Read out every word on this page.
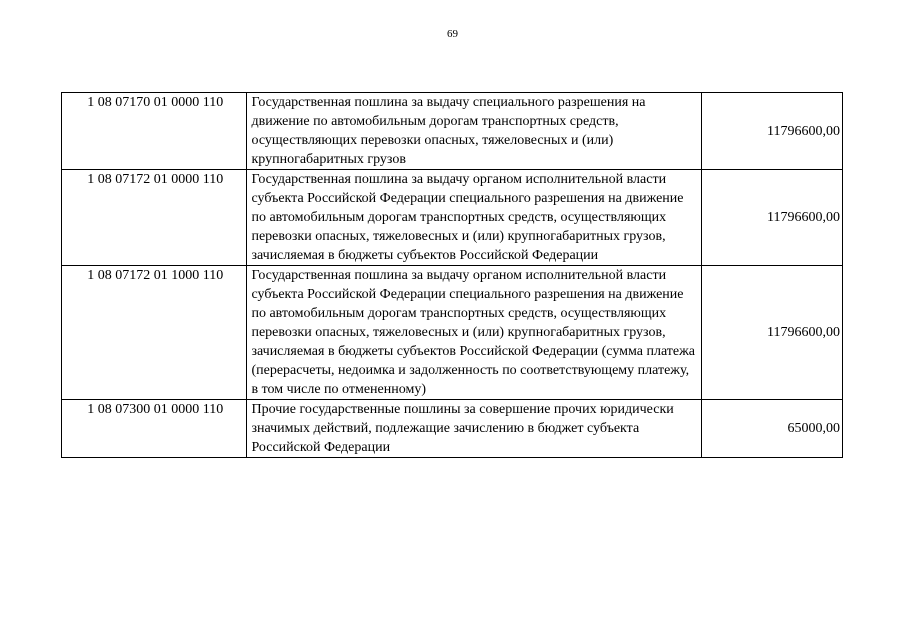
69
1 08 07170 01 0000 110	Государственная пошлина за выдачу специального разрешения на движение по автомобильным дорогам транспортных средств, осуществляющих перевозки опасных, тяжеловесных и (или) крупногабаритных грузов	11796600,00
1 08 07172 01 0000 110	Государственная пошлина за выдачу органом исполнительной власти субъекта Российской Федерации специального разрешения на движение по автомобильным дорогам транспортных средств, осуществляющих перевозки опасных, тяжеловесных и (или) крупногабаритных грузов, зачисляемая в бюджеты субъектов Российской Федерации	11796600,00
1 08 07172 01 1000 110	Государственная пошлина за выдачу органом исполнительной власти субъекта Российской Федерации специального разрешения на движение по автомобильным дорогам транспортных средств, осуществляющих перевозки опасных, тяжеловесных и (или) крупногабаритных грузов, зачисляемая в бюджеты субъектов Российской Федерации (сумма платежа (перерасчеты, недоимка и задолженность по соответствующему платежу, в том числе по отмененному)	11796600,00
1 08 07300 01 0000 110	Прочие государственные пошлины за совершение прочих юридически значимых действий, подлежащие зачислению в бюджет субъекта Российской Федерации	65000,00
